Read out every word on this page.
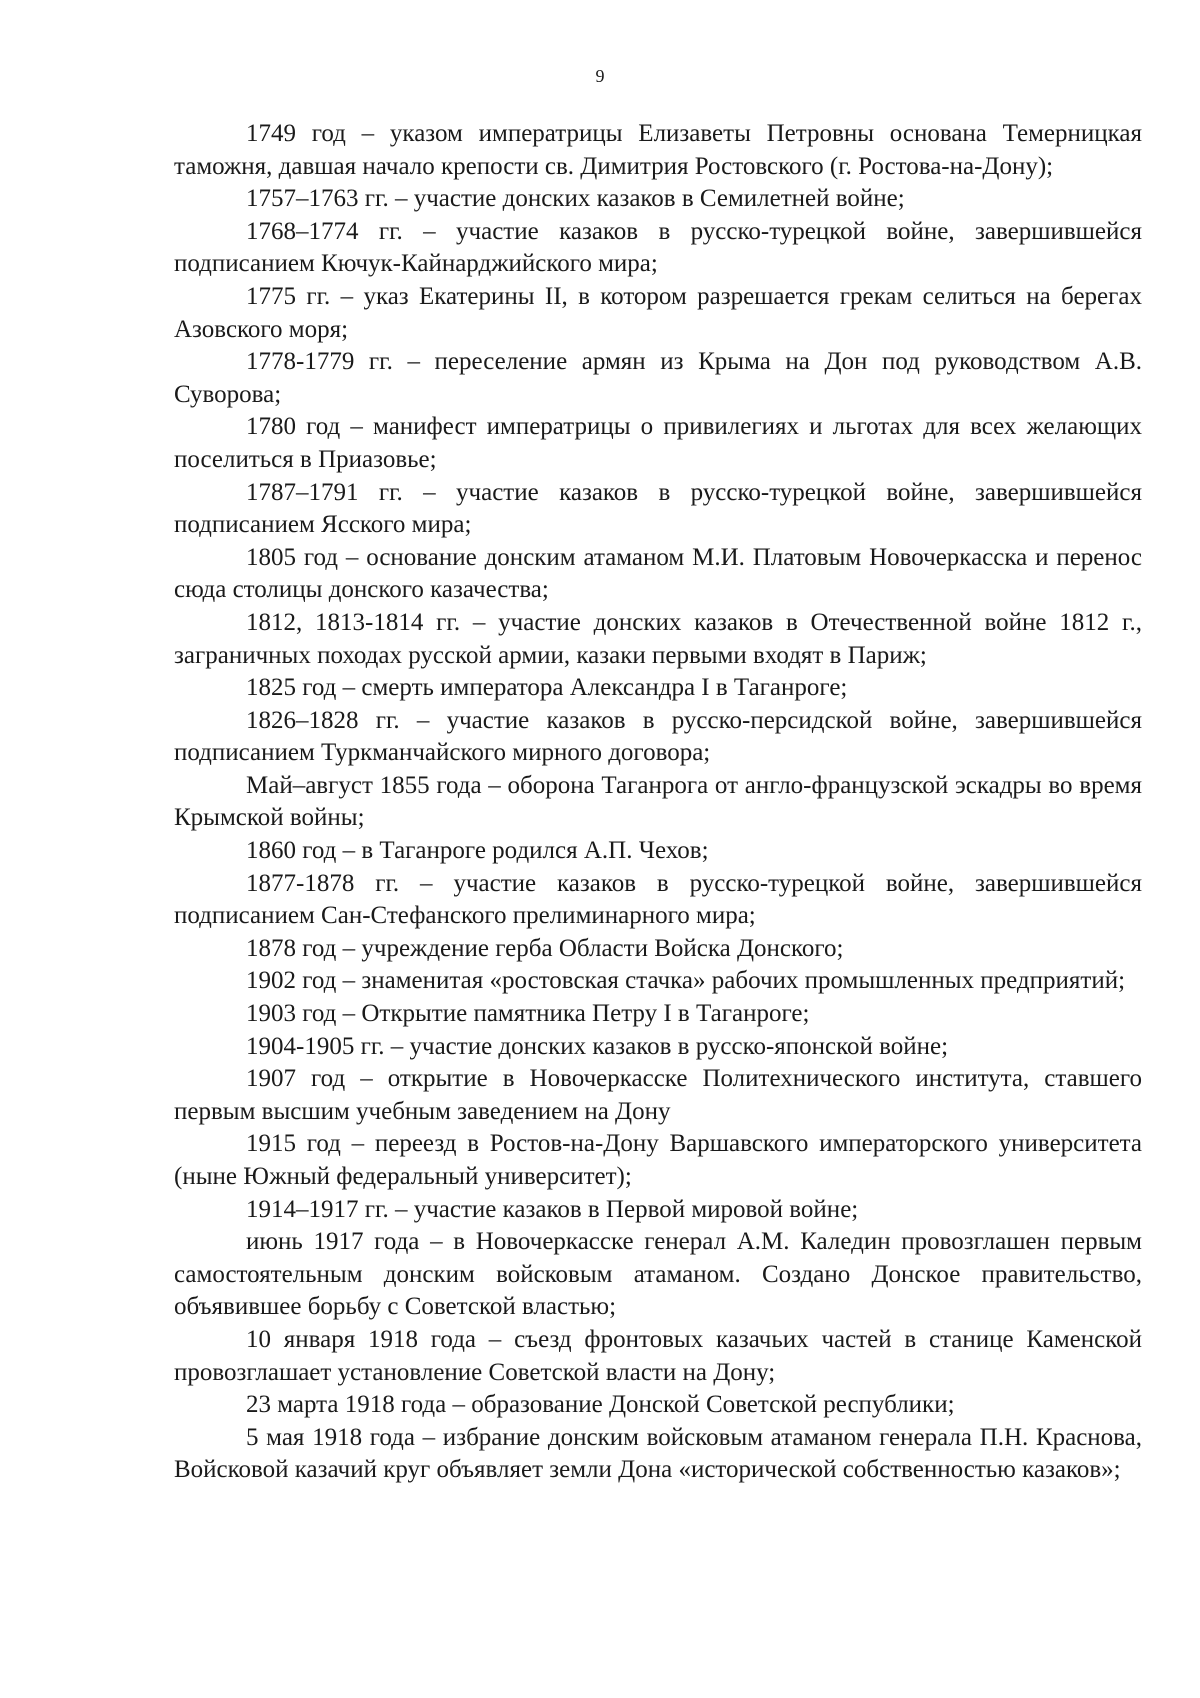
9

1749 год – указом императрицы Елизаветы Петровны основана Темерницкая таможня, давшая начало крепости св. Димитрия Ростовского (г. Ростова-на-Дону);

1757–1763 гг. – участие донских казаков в Семилетней войне;

1768–1774 гг. – участие казаков в русско-турецкой войне, завершившейся подписанием Кючук-Кайнарджийского мира;

1775 гг. – указ Екатерины II, в котором разрешается грекам селиться на берегах Азовского моря;

1778-1779 гг. – переселение армян из Крыма на Дон под руководством А.В. Суворова;

1780 год – манифест императрицы о привилегиях и льготах для всех желающих поселиться в Приазовье;

1787–1791 гг. – участие казаков в русско-турецкой войне, завершившейся подписанием Ясского мира;

1805 год – основание донским атаманом М.И. Платовым Новочеркасска и перенос сюда столицы донского казачества;

1812, 1813-1814 гг. – участие донских казаков в Отечественной войне 1812 г., заграничных походах русской армии, казаки первыми входят в Париж;

1825 год – смерть императора Александра I в Таганроге;

1826–1828 гг. – участие казаков в русско-персидской войне, завершившейся подписанием Туркманчайского мирного договора;

Май–август 1855 года – оборона Таганрога от англо-французской эскадры во время Крымской войны;

1860 год – в Таганроге родился А.П. Чехов;

1877-1878 гг. – участие казаков в русско-турецкой войне, завершившейся подписанием Сан-Стефанского прелиминарного мира;

1878 год – учреждение герба Области Войска Донского;

1902 год – знаменитая «ростовская стачка» рабочих промышленных предприятий;

1903 год – Открытие памятника Петру I в Таганроге;

1904-1905 гг. – участие донских казаков в русско-японской войне;

1907 год – открытие в Новочеркасске Политехнического института, ставшего первым высшим учебным заведением на Дону

1915 год – переезд в Ростов-на-Дону Варшавского императорского университета (ныне Южный федеральный университет);

1914–1917 гг. – участие казаков в Первой мировой войне;

июнь 1917 года – в Новочеркасске генерал А.М. Каледин провозглашен первым самостоятельным донским войсковым атаманом. Создано Донское правительство, объявившее борьбу с Советской властью;

10 января 1918 года – съезд фронтовых казачьих частей в станице Каменской провозглашает установление Советской власти на Дону;

23 марта 1918 года – образование Донской Советской республики;

5 мая 1918 года – избрание донским войсковым атаманом генерала П.Н. Краснова, Войсковой казачий круг объявляет земли Дона «исторической собственностью казаков»;
